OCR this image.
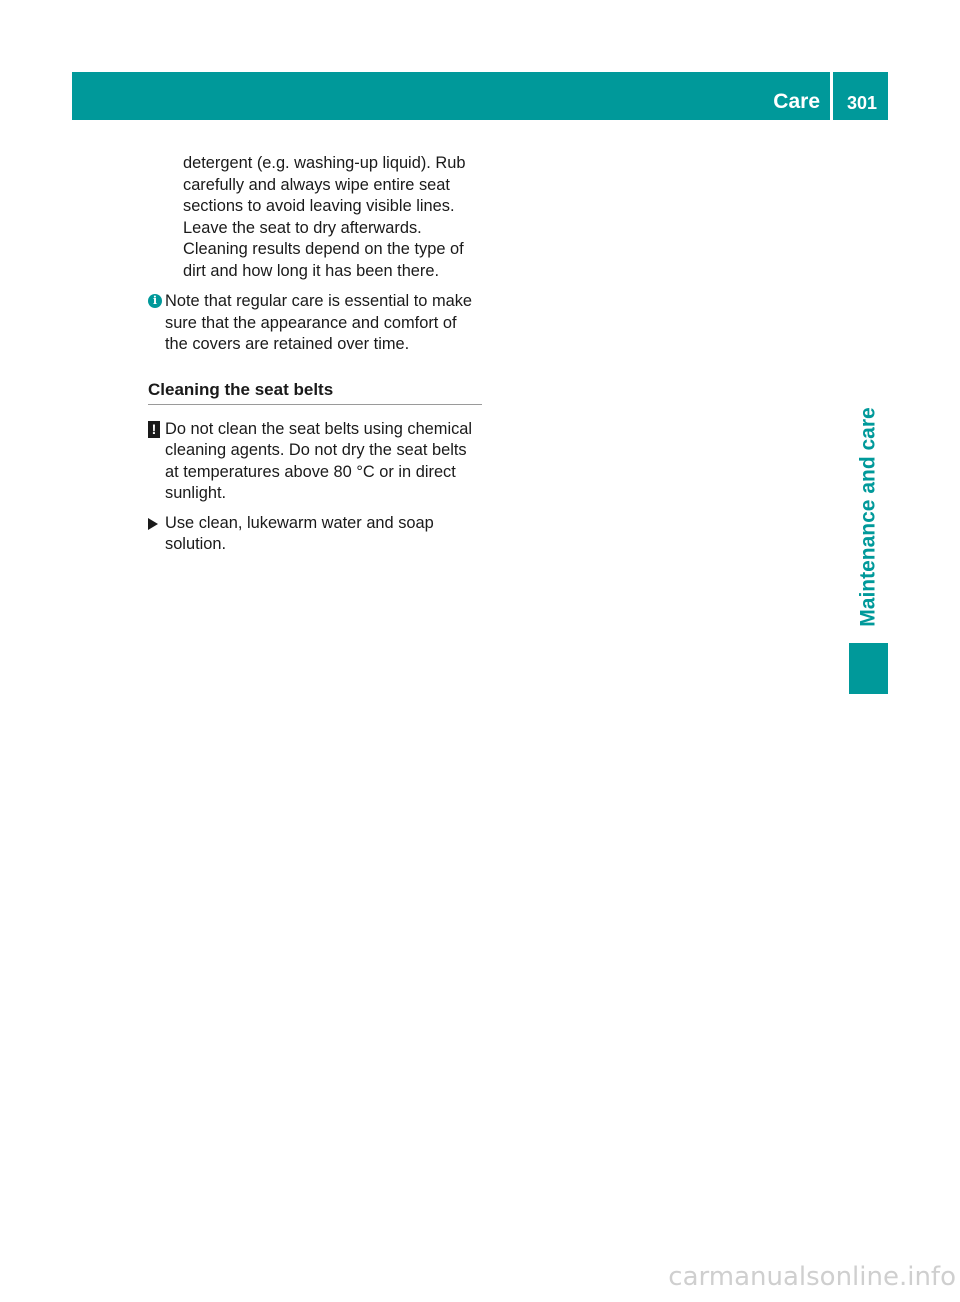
Care	301
Maintenance and care

detergent (e.g. washing-up liquid). Rub carefully and always wipe entire seat sections to avoid leaving visible lines. Leave the seat to dry afterwards. Cleaning results depend on the type of dirt and how long it has been there.

i Note that regular care is essential to make sure that the appearance and comfort of the covers are retained over time.
Cleaning the seat belts
! Do not clean the seat belts using chemical cleaning agents. Do not dry the seat belts at temperatures above 80 °C or in direct sunlight.
Use clean, lukewarm water and soap solution.
carmanualsonline.info
